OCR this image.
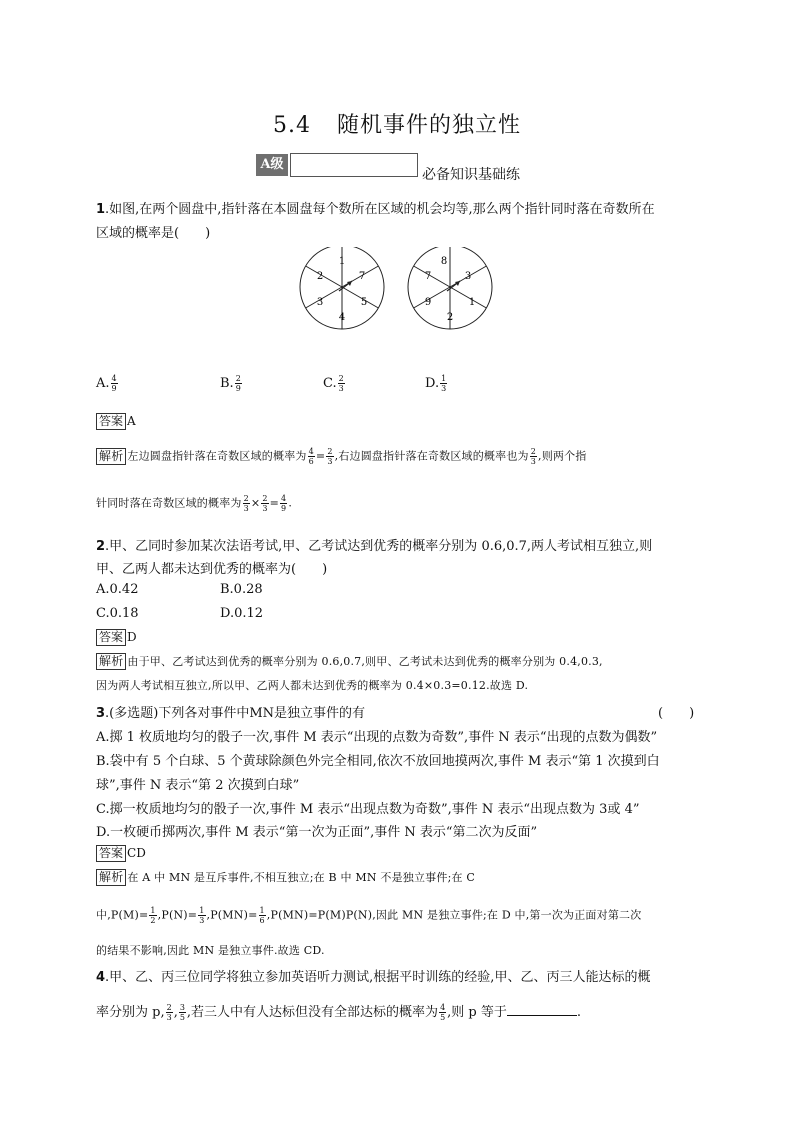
5.4 随机事件的独立性
A级
必备知识基础练
1.如图,在两个圆盘中,指针落在本圆盘每个数所在区域的机会均等,那么两个指针同时落在奇数所在
区域的概率是(　　)
1
7
5
4
3
2
8
3
1
2
9
7
A. $\frac{4}{9}$	B. $\frac{2}{9}$	C. $\frac{2}{3}$	D. $\frac{1}{3}$
答案 A
解析 左边圆盘指针落在奇数区域的概率为 $\frac{4}{6} = \frac{2}{3}$ ,右边圆盘指针落在奇数区域的概率也为 $\frac{2}{3}$ ,则两个指
针同时落在奇数区域的概率为 $\frac{2}{3} \times \frac{2}{3} = \frac{4}{9}$ .
2.甲、乙同时参加某次法语考试,甲、乙考试达到优秀的概率分别为 0.6,0.7,两人考试相互独立,则
甲、乙两人都未达到优秀的概率为(　　)
A.0.42	B.0.28
C.0.18	D.0.12
答案 D
解析 由于甲、乙考试达到优秀的概率分别为 0.6,0.7,则甲、乙考试未达到优秀的概率分别为 0.4,0.3,
因为两人考试相互独立,所以甲、乙两人都未达到优秀的概率为 0.4×0.3=0.12.故选 D.
3.(多选题)下列各对事件中MN是独立事件的有	(　　)
A.掷 1 枚质地均匀的骰子一次,事件 M 表示“出现的点数为奇数”,事件 N 表示“出现的点数为偶数”
B.袋中有 5 个白球、5 个黄球除颜色外完全相同,依次不放回地摸两次,事件 M 表示“第 1 次摸到白
球”,事件 N 表示“第 2 次摸到白球”
C.掷一枚质地均匀的骰子一次,事件 M 表示“出现点数为奇数”,事件 N 表示“出现点数为 3或 4”
D.一枚硬币掷两次,事件 M 表示“第一次为正面”,事件 N 表示“第二次为反面”
答案 CD
解析 在 A 中 MN 是互斥事件,不相互独立;在 B 中 MN 不是独立事件;在 C
中$,P(M)= \frac{1}{2} ,P(N)= \frac{1}{3} ,P(MN)= \frac{1}{6} ,P(MN)=P(M)P(N)$,因此 MN 是独立事件;在 D 中,第一次为正面对第二次
的结果不影响,因此 MN 是独立事件.故选 CD.
4.甲、乙、丙三位同学将独立参加英语听力测试,根据平时训练的经验,甲、乙、丙三人能达标的概
率分别为 p, $\frac{2}{3}$ , $\frac{3}{5}$ ,若三人中有人达标但没有全部达标的概率为 $\frac{4}{5}$ ,则 p 等于	.
